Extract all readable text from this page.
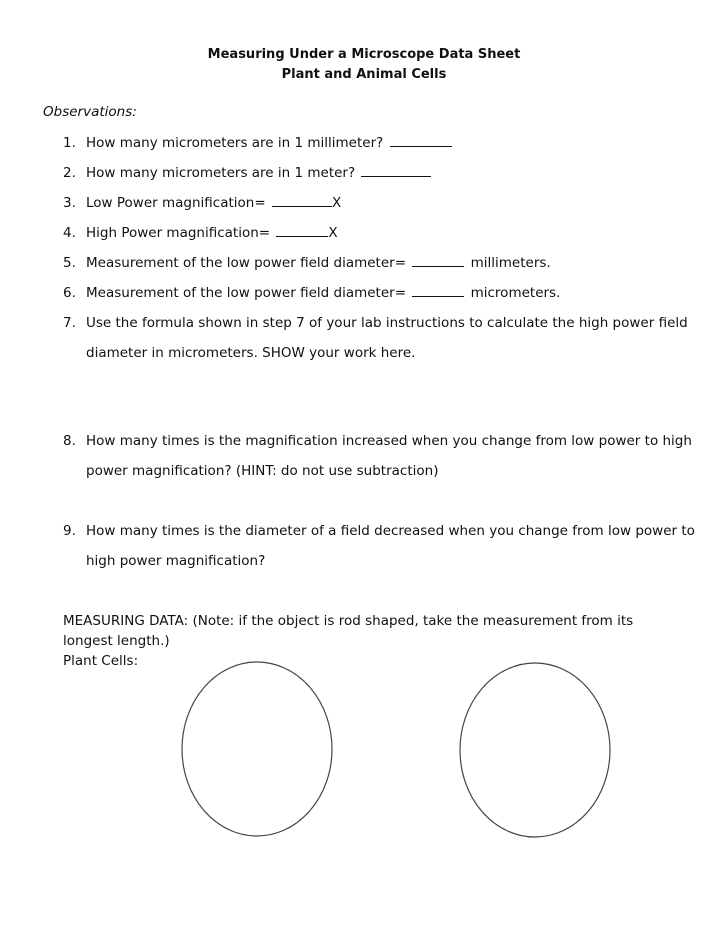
Measuring Under a Microscope Data Sheet
Plant and Animal Cells
Observations:
1. How many micrometers are in 1 millimeter?
2. How many micrometers are in 1 meter?
3. Low Power magnification=	X
4. High Power magnification=	X
5. Measurement of the low power field diameter=	millimeters.
6. Measurement of the low power field diameter=	micrometers.
7. Use the formula shown in step 7 of your lab instructions to calculate the high power field
diameter in micrometers. SHOW your work here.
8. How many times is the magnification increased when you change from low power to high
power magnification? (HINT: do not use subtraction)
9. How many times is the diameter of a field decreased when you change from low power to
high power magnification?
MEASURING DATA: (Note: if the object is rod shaped, take the measurement from its longest length.)
Plant Cells:
